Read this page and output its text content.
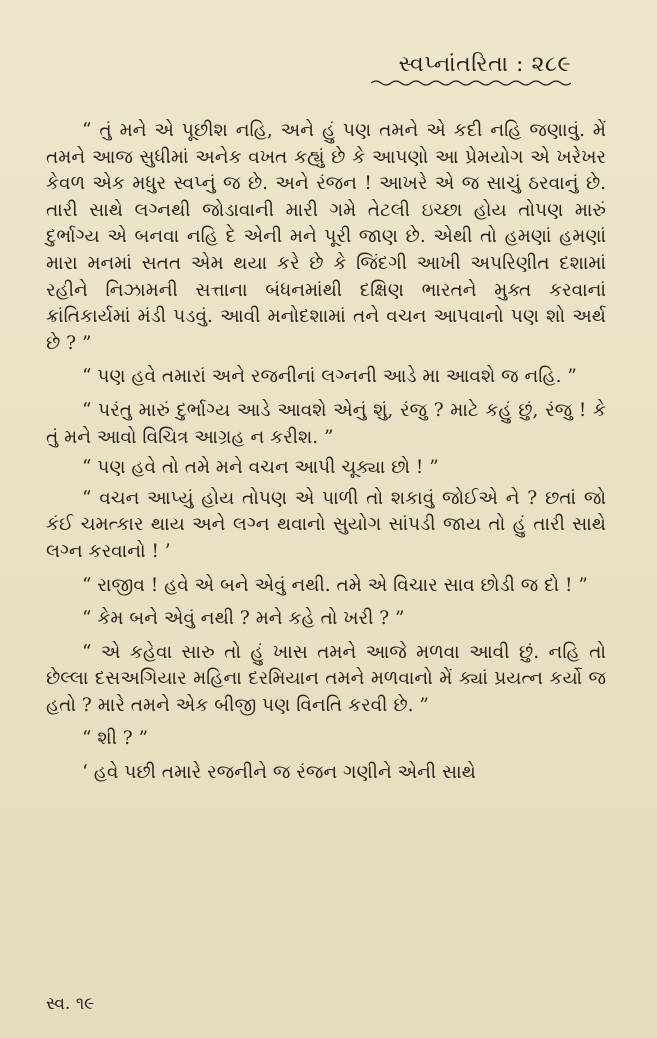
સ્વપ્નાંતરિતા : ૨૮૯

“ તું મને એ પૂછીશ નહિ, અને હું પણ તમને એ કદી નહિ જણાવું. મેં તમને આજ સુધીમાં અનેક વખત કહ્યું છે કે આપણો આ પ્રેમયોગ એ ખરેખર કેવળ એક મધુર સ્વપ્નું જ છે. અને રંજન ! આખરે એ જ સાચું ઠરવાનું છે. તારી સાથે લગ્નથી જોડાવાની મારી ગમે તેટલી ઇચ્છા હોય તોપણ મારું દુર્ભાગ્ય એ બનવા નહિ દે એની મને પૂરી જાણ છે. એથી તો હમણાં હમણાં મારા મનમાં સતત એમ થયા કરે છે કે જિંદગી આખી અપરિણીત દશામાં રહીને નિઝામની સત્તાના બંધનમાંથી દક્ષિણ ભારતને મુક્ત કરવાનાં ક્રાંતિકાર્યમાં મંડી પડવું. આવી મનોદશામાં તને વચન આપવાનો પણ શો અર્થ છે ? ”

“ પણ હવે તમારાં અને રજનીનાં લગ્નની આડે મા આવશે જ નહિ. ”

“ પરંતુ મારું દુર્ભાગ્ય આડે આવશે એનું શું, રંજુ ? માટે કહું છું, રંજુ ! કે તું મને આવો વિચિત્ર આગ્રહ ન કરીશ. ”

“ પણ હવે તો તમે મને વચન આપી ચૂક્યા છો ! ”

“ વચન આપ્યું હોય તોપણ એ પાળી તો શકાવું જોઈએ ને ? છતાં જો કંઈ ચમત્કાર થાય અને લગ્ન થવાનો સુયોગ સાંપડી જાય તો હું તારી સાથે લગ્ન કરવાનો ! ’

“ રાજીવ ! હવે એ બને એવું નથી. તમે એ વિચાર સાવ છોડી જ દો ! ”

“ કેમ બને એવું નથી ? મને કહે તો ખરી ? ”

“ એ કહેવા સારુ તો હું ખાસ તમને આજે મળવા આવી છું. નહિ તો છેલ્લા દસઅગિયાર મહિના દરમિયાન તમને મળવાનો મેં ક્યાં પ્રયત્ન કર્યો જ હતો ? મારે તમને એક બીજી પણ વિનતિ કરવી છે. ”

“ શી ? ”

‘ હવે પછી તમારે રજનીને જ રંજન ગણીને એની સાથે

સ્વ. ૧૯
